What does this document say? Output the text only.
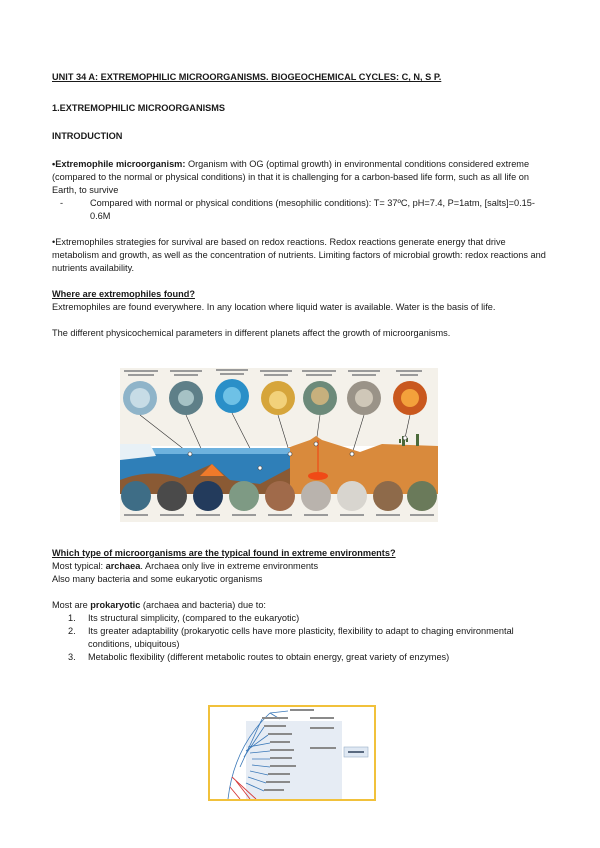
UNIT 34 A: EXTREMOPHILIC MICROORGANISMS. BIOGEOCHEMICAL CYCLES: C, N, S P.

1.EXTREMOPHILIC MICROORGANISMS

INTRODUCTION

•Extremophile microorganism: Organism with OG (optimal growth) in environmental conditions considered extreme (compared to the normal or physical conditions) in that it is challenging for a carbon-based life form, such as all life on Earth, to survive

-	Compared with normal or physical conditions (mesophilic conditions): T= 37ºC, pH=7.4, P=1atm, [salts]=0.15-0.6M

•Extremophiles strategies for survival are based on redox reactions. Redox reactions generate energy that drive metabolism and growth, as well as the concentration of nutrients. Limiting factors of microbial growth: redox reactions and nutrients availability.

Where are extremophiles found?

Extremophiles are found everywhere. In any location where liquid water is available. Water is the basis of life.

The different physicochemical parameters in different planets affect the growth of microorganisms.

Which type of microorganisms are the typical found in extreme environments?

Most typical: archaea. Archaea only live in extreme environments

Also many bacteria and some eukaryotic organisms

Most are prokaryotic (archaea and bacteria) due to:

1.	Its structural simplicity, (compared to the eukaryotic)
2.	Its greater adaptability (prokaryotic cells have more plasticity, flexibility to adapt to chaging environmental conditions, ubiquitous)
3.	Metabolic flexibility (different metabolic routes to obtain energy, great variety of enzymes)
